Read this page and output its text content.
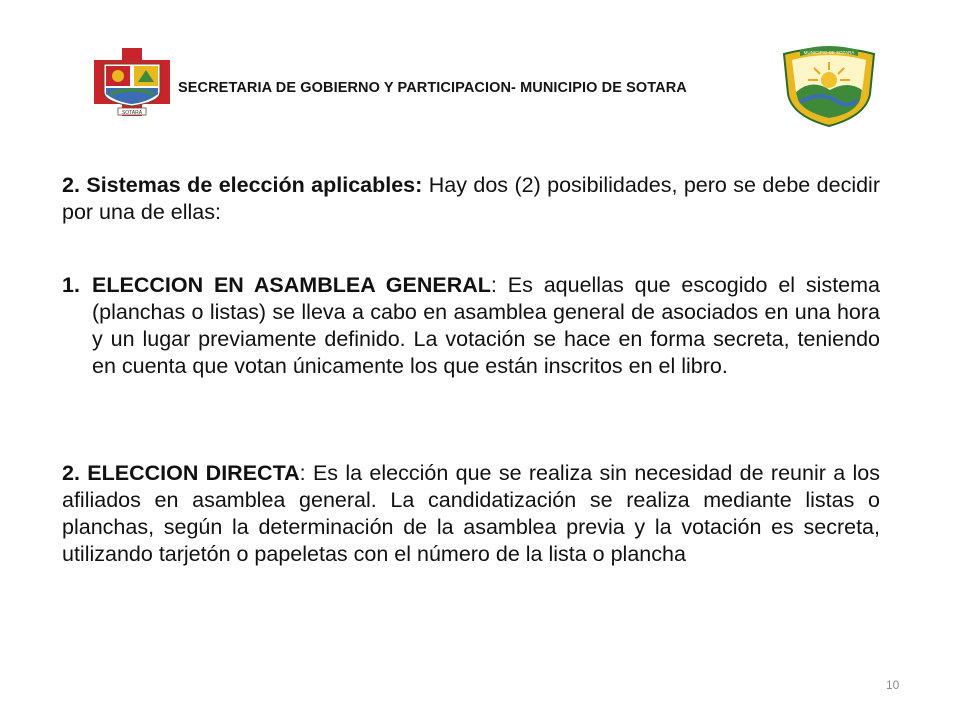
SOTARA
SECRETARIA DE GOBIERNO Y PARTICIPACION- MUNICIPIO DE SOTARA
MUNICIPIO DE SOTARA

2. Sistemas de elección aplicables: Hay dos (2) posibilidades, pero se debe decidir por una de ellas:

1. ELECCION EN ASAMBLEA GENERAL: Es aquellas que escogido el sistema (planchas o listas) se lleva a cabo en asamblea general de asociados en una hora y un lugar previamente definido. La votación se hace en forma secreta, teniendo en cuenta que votan únicamente los que están inscritos en el libro.

2. ELECCION DIRECTA: Es la elección que se realiza sin necesidad de reunir a los afiliados en asamblea general. La candidatización se realiza mediante listas o planchas, según la determinación de la asamblea previa y la votación es secreta, utilizando tarjetón o papeletas con el número de la lista o plancha

10
